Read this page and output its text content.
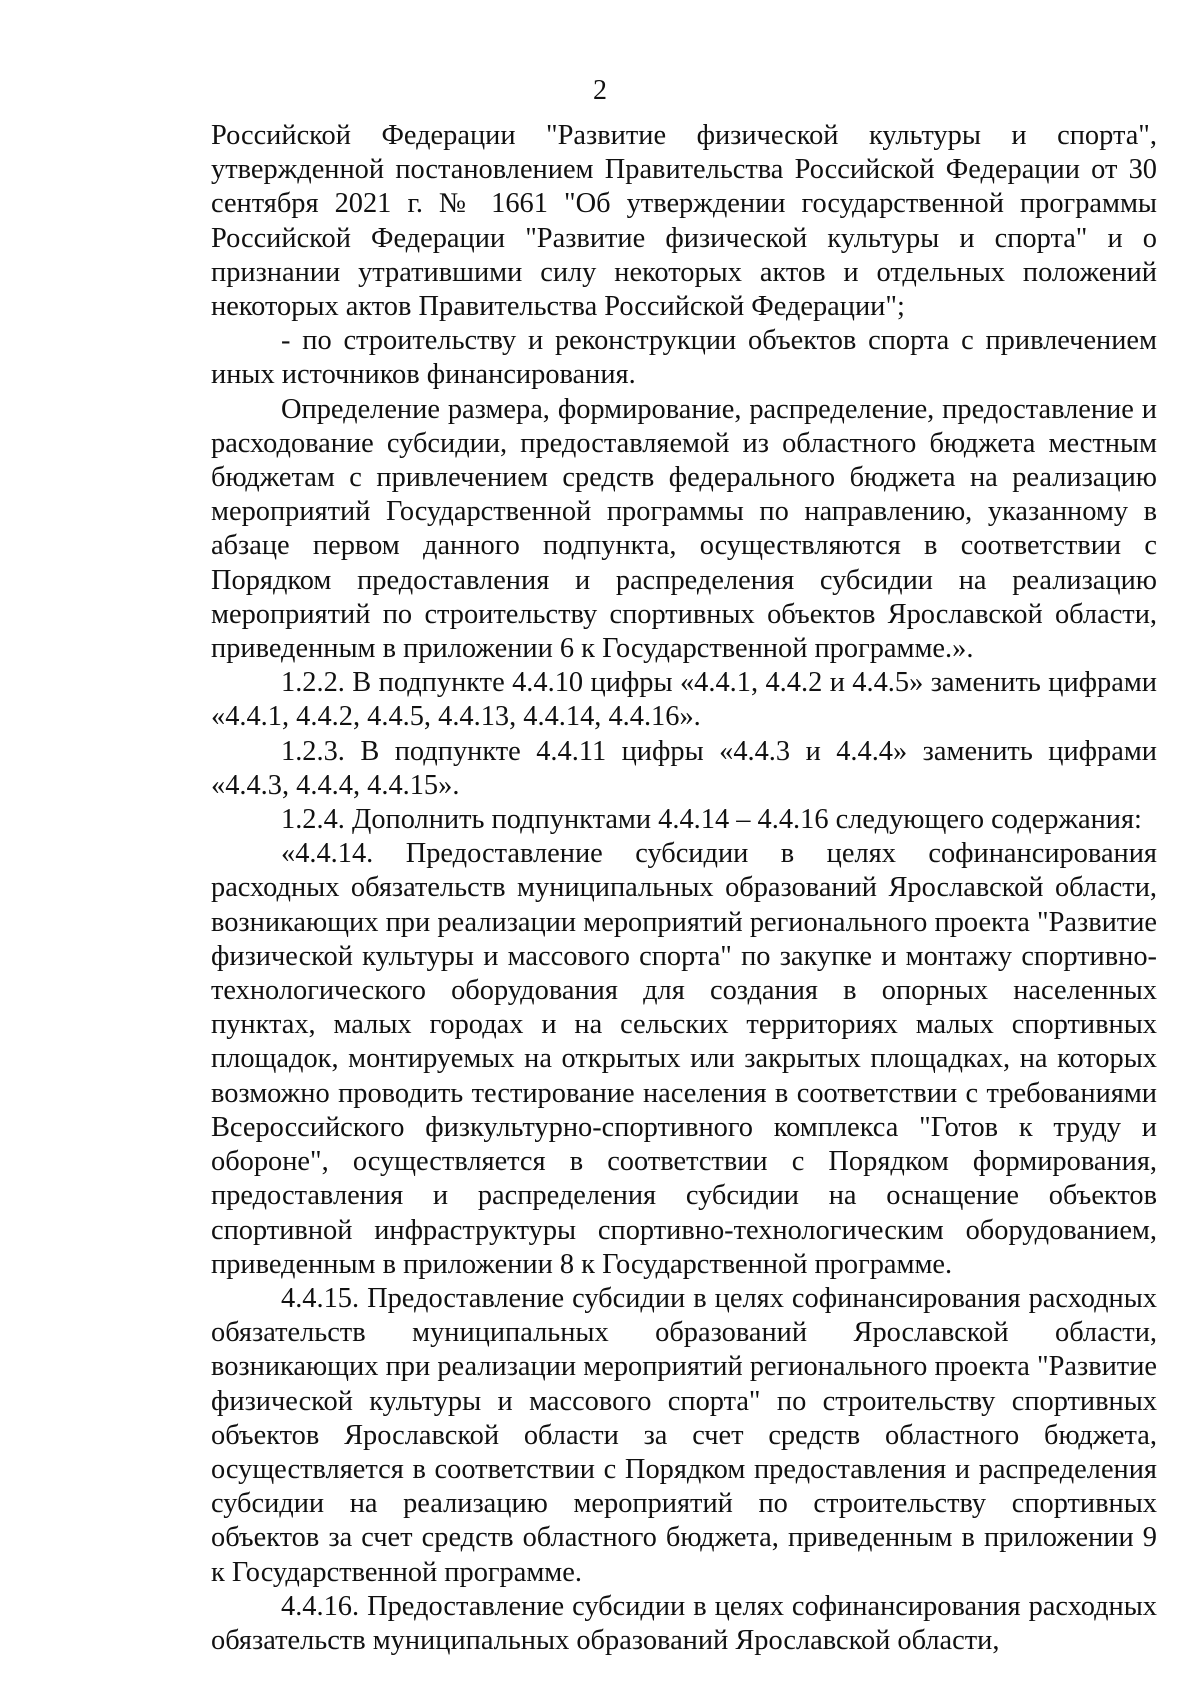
2

Российской Федерации "Развитие физической культуры и спорта", утвержденной постановлением Правительства Российской Федерации от 30 сентября 2021 г. № 1661 "Об утверждении государственной программы Российской Федерации "Развитие физической культуры и спорта" и о признании утратившими силу некоторых актов и отдельных положений некоторых актов Правительства Российской Федерации";

- по строительству и реконструкции объектов спорта с привлечением иных источников финансирования.

Определение размера, формирование, распределение, предоставление и расходование субсидии, предоставляемой из областного бюджета местным бюджетам с привлечением средств федерального бюджета на реализацию мероприятий Государственной программы по направлению, указанному в абзаце первом данного подпункта, осуществляются в соответствии с Порядком предоставления и распределения субсидии на реализацию мероприятий по строительству спортивных объектов Ярославской области, приведенным в приложении 6 к Государственной программе.».

1.2.2. В подпункте 4.4.10 цифры «4.4.1, 4.4.2 и 4.4.5» заменить цифрами «4.4.1, 4.4.2, 4.4.5, 4.4.13, 4.4.14, 4.4.16».

1.2.3. В подпункте 4.4.11 цифры «4.4.3 и 4.4.4» заменить цифрами «4.4.3, 4.4.4, 4.4.15».

1.2.4. Дополнить подпунктами 4.4.14 – 4.4.16 следующего содержания:

«4.4.14. Предоставление субсидии в целях софинансирования расходных обязательств муниципальных образований Ярославской области, возникающих при реализации мероприятий регионального проекта "Развитие физической культуры и массового спорта" по закупке и монтажу спортивно-технологического оборудования для создания в опорных населенных пунктах, малых городах и на сельских территориях малых спортивных площадок, монтируемых на открытых или закрытых площадках, на которых возможно проводить тестирование населения в соответствии с требованиями Всероссийского физкультурно-спортивного комплекса "Готов к труду и обороне", осуществляется в соответствии с Порядком формирования, предоставления и распределения субсидии на оснащение объектов спортивной инфраструктуры спортивно-технологическим оборудованием, приведенным в приложении 8 к Государственной программе.

4.4.15. Предоставление субсидии в целях софинансирования расходных обязательств муниципальных образований Ярославской области, возникающих при реализации мероприятий регионального проекта "Развитие физической культуры и массового спорта" по строительству спортивных объектов Ярославской области за счет средств областного бюджета, осуществляется в соответствии с Порядком предоставления и распределения субсидии на реализацию мероприятий по строительству спортивных объектов за счет средств областного бюджета, приведенным в приложении 9 к Государственной программе.

4.4.16. Предоставление субсидии в целях софинансирования расходных обязательств муниципальных образований Ярославской области,
